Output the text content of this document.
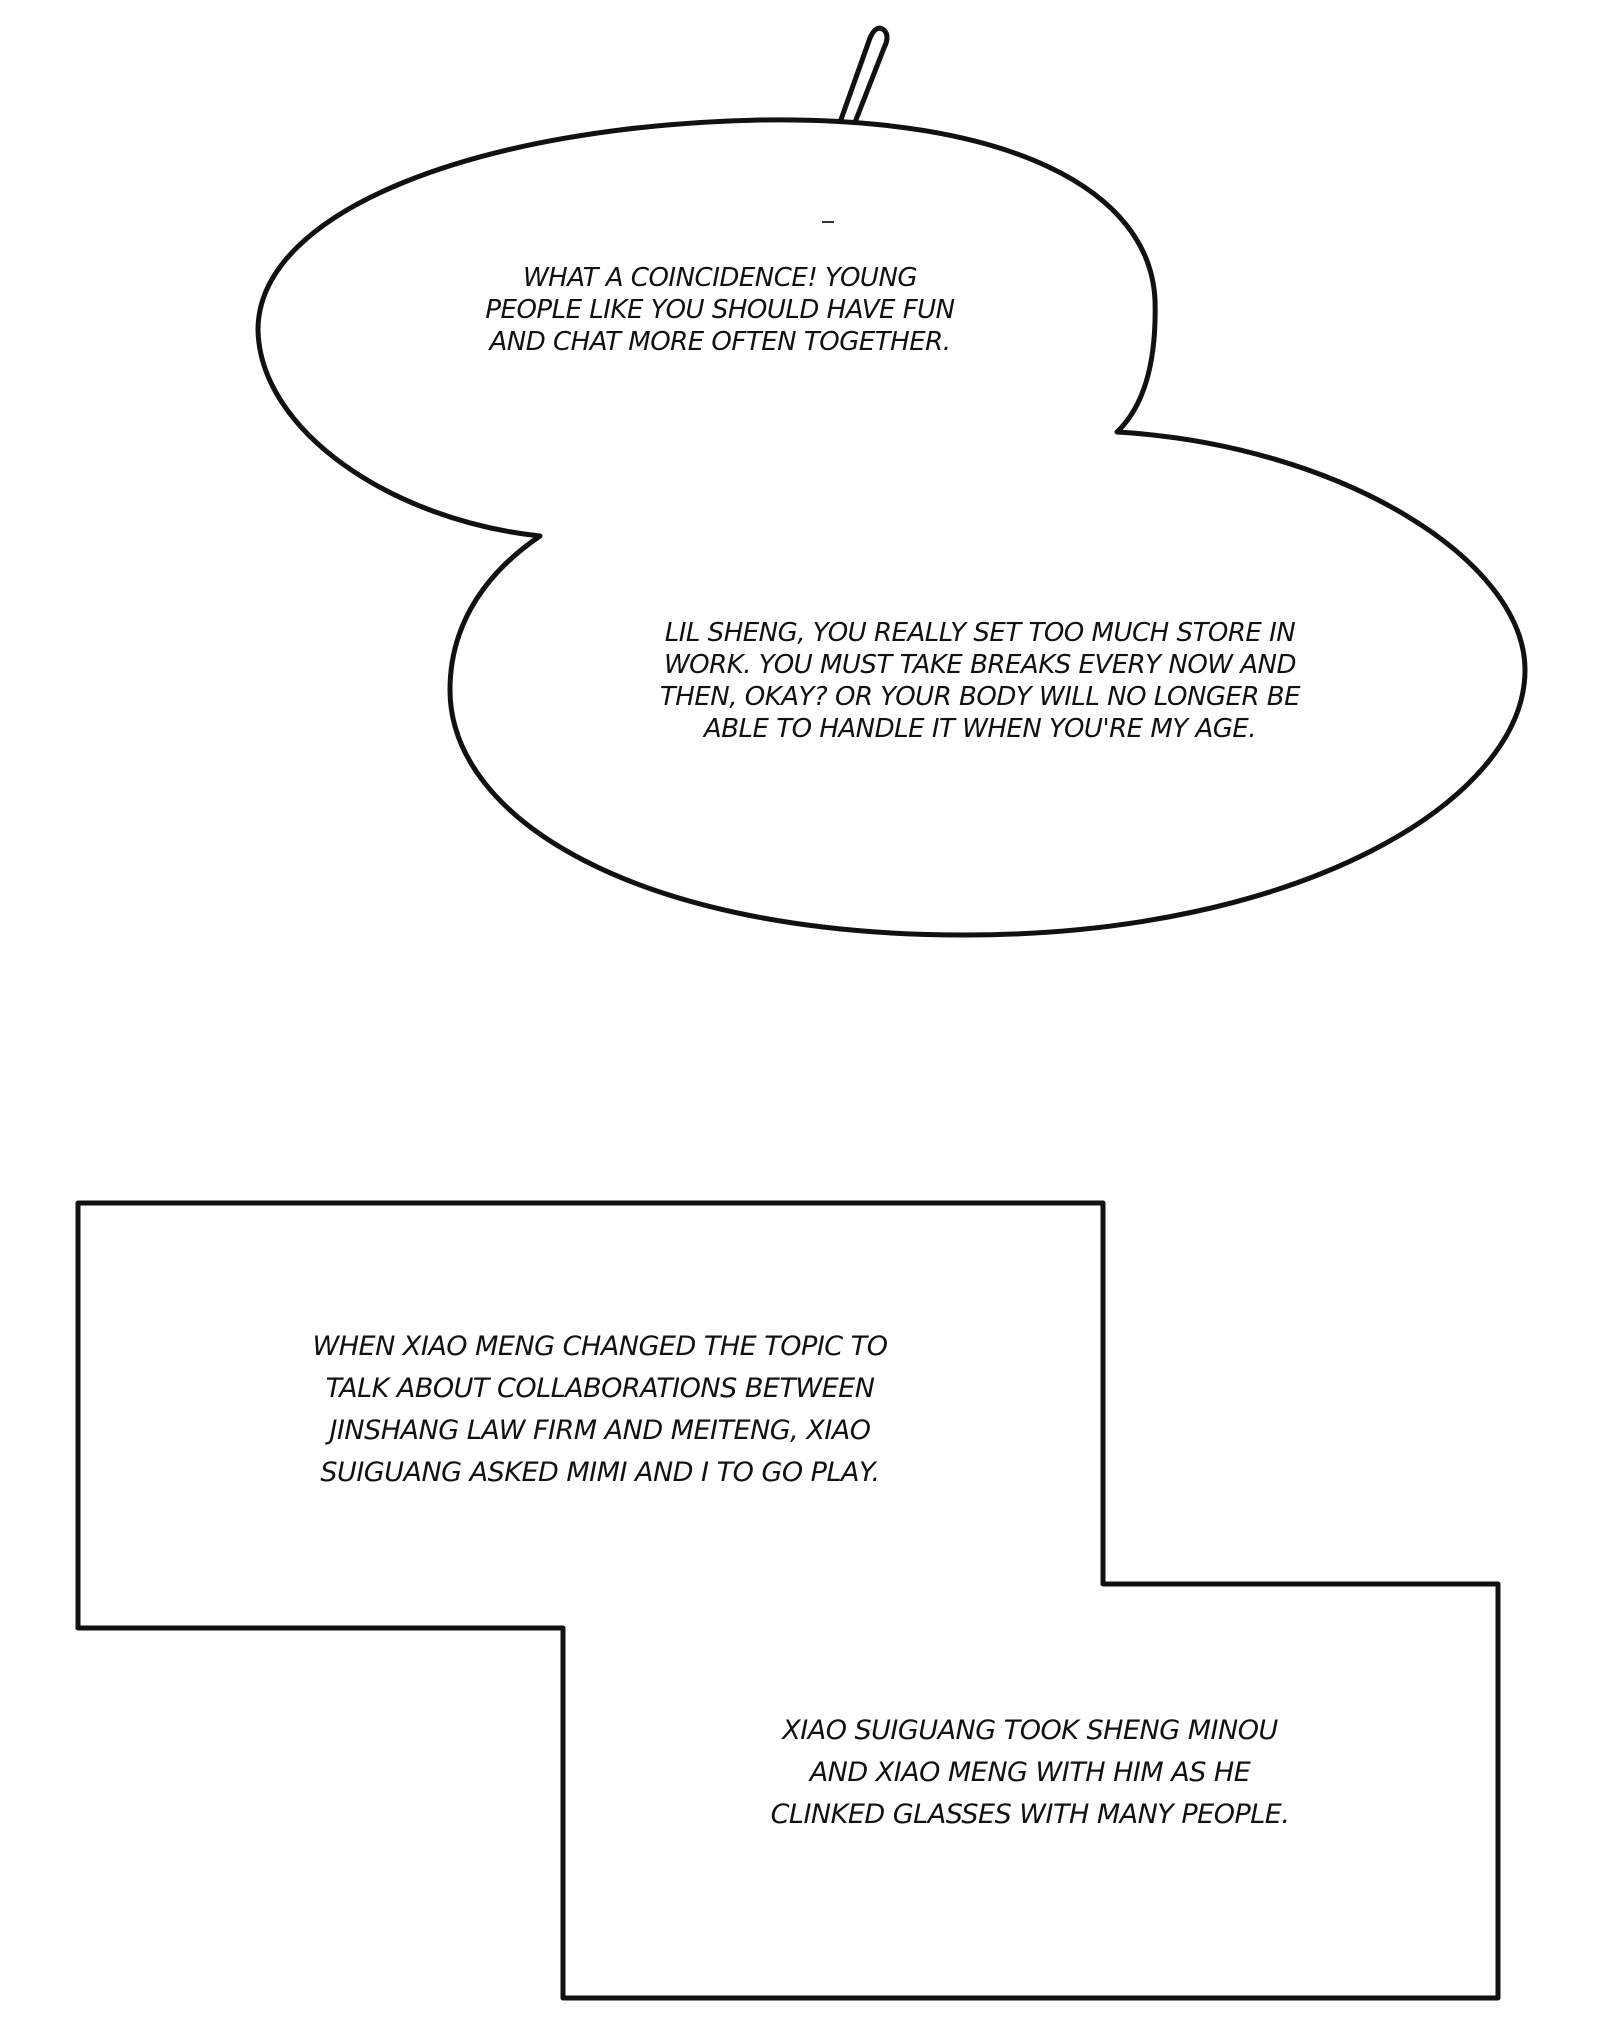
WHAT A COINCIDENCE! YOUNG
PEOPLE LIKE YOU SHOULD HAVE FUN
AND CHAT MORE OFTEN TOGETHER.
LIL SHENG, YOU REALLY SET TOO MUCH STORE IN
WORK. YOU MUST TAKE BREAKS EVERY NOW AND
THEN, OKAY? OR YOUR BODY WILL NO LONGER BE
ABLE TO HANDLE IT WHEN YOU'RE MY AGE.
WHEN XIAO MENG CHANGED THE TOPIC TO
TALK ABOUT COLLABORATIONS BETWEEN
JINSHANG LAW FIRM AND MEITENG, XIAO
SUIGUANG ASKED MIMI AND I TO GO PLAY.
XIAO SUIGUANG TOOK SHENG MINOU
AND XIAO MENG WITH HIM AS HE
CLINKED GLASSES WITH MANY PEOPLE.
